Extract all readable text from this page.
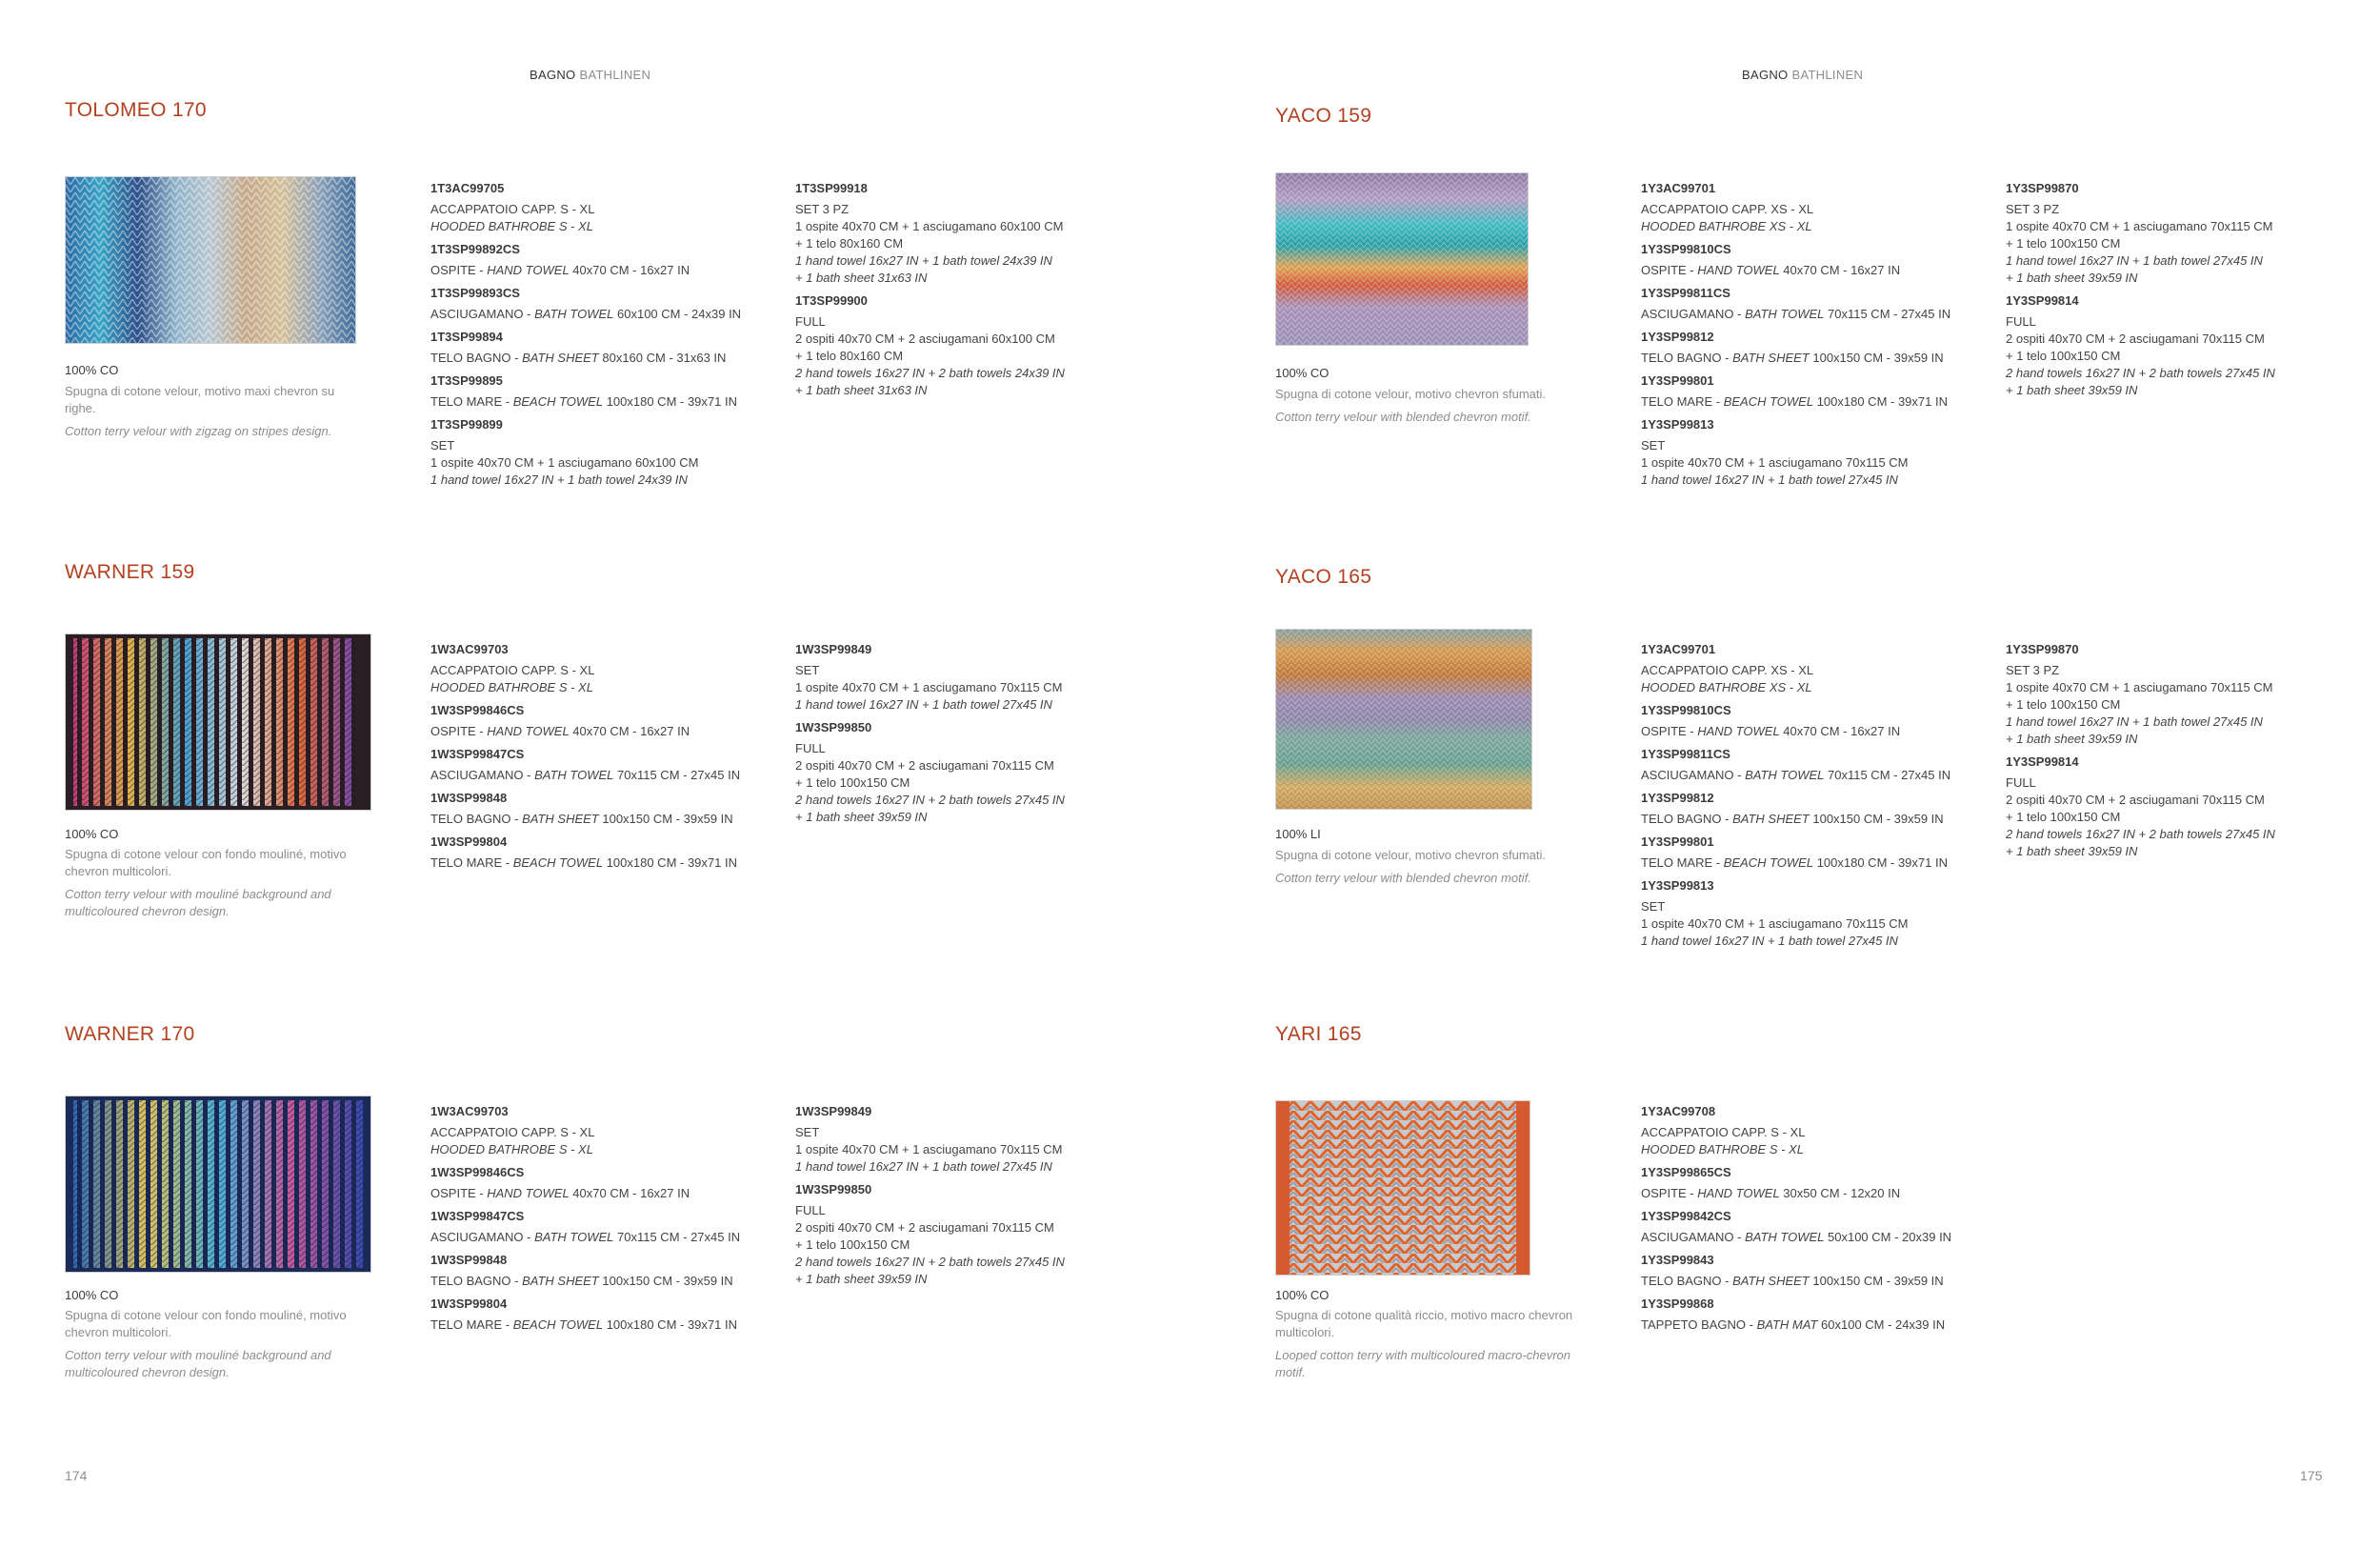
BAGNO BATHLINEN	BAGNO BATHLINEN
TOLOMEO 170
100% CO
Spugna di cotone velour, motivo maxi chevron su righe.
Cotton terry velour with zigzag on stripes design.
1T3AC99705
ACCAPPATOIO CAPP. S - XL
HOODED BATHROBE S - XL
1T3SP99892CS
OSPITE - HAND TOWEL 40x70 CM - 16x27 IN
1T3SP99893CS
ASCIUGAMANO - BATH TOWEL 60x100 CM - 24x39 IN
1T3SP99894
TELO BAGNO - BATH SHEET 80x160 CM - 31x63 IN
1T3SP99895
TELO MARE - BEACH TOWEL 100x180 CM - 39x71 IN
1T3SP99899
SET
1 ospite 40x70 CM + 1 asciugamano 60x100 CM
1 hand towel 16x27 IN + 1 bath towel 24x39 IN
1T3SP99918
SET 3 PZ
1 ospite 40x70 CM + 1 asciugamano 60x100 CM
+ 1 telo 80x160 CM
1 hand towel 16x27 IN + 1 bath towel 24x39 IN
+ 1 bath sheet 31x63 IN
1T3SP99900
FULL
2 ospiti 40x70 CM + 2 asciugamani 60x100 CM
+ 1 telo 80x160 CM
2 hand towels 16x27 IN + 2 bath towels 24x39 IN
+ 1 bath sheet 31x63 IN
WARNER 159
100% CO
Spugna di cotone velour con fondo mouliné, motivo chevron multicolori.
Cotton terry velour with mouliné background and multicoloured chevron design.
1W3AC99703
ACCAPPATOIO CAPP. S - XL
HOODED BATHROBE S - XL
1W3SP99846CS
OSPITE - HAND TOWEL 40x70 CM - 16x27 IN
1W3SP99847CS
ASCIUGAMANO - BATH TOWEL 70x115 CM - 27x45 IN
1W3SP99848
TELO BAGNO - BATH SHEET 100x150 CM - 39x59 IN
1W3SP99804
TELO MARE - BEACH TOWEL 100x180 CM - 39x71 IN
1W3SP99849
SET
1 ospite 40x70 CM + 1 asciugamano 70x115 CM
1 hand towel 16x27 IN + 1 bath towel 27x45 IN
1W3SP99850
FULL
2 ospiti 40x70 CM + 2 asciugamani 70x115 CM
+ 1 telo 100x150 CM
2 hand towels 16x27 IN + 2 bath towels 27x45 IN
+ 1 bath sheet 39x59 IN
WARNER 170
100% CO
Spugna di cotone velour con fondo mouliné, motivo chevron multicolori.
Cotton terry velour with mouliné background and multicoloured chevron design.
1W3AC99703
ACCAPPATOIO CAPP. S - XL
HOODED BATHROBE S - XL
1W3SP99846CS
OSPITE - HAND TOWEL 40x70 CM - 16x27 IN
1W3SP99847CS
ASCIUGAMANO - BATH TOWEL 70x115 CM - 27x45 IN
1W3SP99848
TELO BAGNO - BATH SHEET 100x150 CM - 39x59 IN
1W3SP99804
TELO MARE - BEACH TOWEL 100x180 CM - 39x71 IN
1W3SP99849
SET
1 ospite 40x70 CM + 1 asciugamano 70x115 CM
1 hand towel 16x27 IN + 1 bath towel 27x45 IN
1W3SP99850
FULL
2 ospiti 40x70 CM + 2 asciugamani 70x115 CM
+ 1 telo 100x150 CM
2 hand towels 16x27 IN + 2 bath towels 27x45 IN
+ 1 bath sheet 39x59 IN
YACO 159
100% CO
Spugna di cotone velour, motivo chevron sfumati.
Cotton terry velour with blended chevron motif.
1Y3AC99701
ACCAPPATOIO CAPP. XS - XL
HOODED BATHROBE XS - XL
1Y3SP99810CS
OSPITE - HAND TOWEL 40x70 CM - 16x27 IN
1Y3SP99811CS
ASCIUGAMANO - BATH TOWEL 70x115 CM - 27x45 IN
1Y3SP99812
TELO BAGNO - BATH SHEET 100x150 CM - 39x59 IN
1Y3SP99801
TELO MARE - BEACH TOWEL 100x180 CM - 39x71 IN
1Y3SP99813
SET
1 ospite 40x70 CM + 1 asciugamano 70x115 CM
1 hand towel 16x27 IN + 1 bath towel 27x45 IN
1Y3SP99870
SET 3 PZ
1 ospite 40x70 CM + 1 asciugamano 70x115 CM
+ 1 telo 100x150 CM
1 hand towel 16x27 IN + 1 bath towel 27x45 IN
+ 1 bath sheet 39x59 IN
1Y3SP99814
FULL
2 ospiti 40x70 CM + 2 asciugamani 70x115 CM
+ 1 telo 100x150 CM
2 hand towels 16x27 IN + 2 bath towels 27x45 IN
+ 1 bath sheet 39x59 IN
YACO 165
100% LI
Spugna di cotone velour, motivo chevron sfumati.
Cotton terry velour with blended chevron motif.
1Y3AC99701
ACCAPPATOIO CAPP. XS - XL
HOODED BATHROBE XS - XL
1Y3SP99810CS
OSPITE - HAND TOWEL 40x70 CM - 16x27 IN
1Y3SP99811CS
ASCIUGAMANO - BATH TOWEL 70x115 CM - 27x45 IN
1Y3SP99812
TELO BAGNO - BATH SHEET 100x150 CM - 39x59 IN
1Y3SP99801
TELO MARE - BEACH TOWEL 100x180 CM - 39x71 IN
1Y3SP99813
SET
1 ospite 40x70 CM + 1 asciugamano 70x115 CM
1 hand towel 16x27 IN + 1 bath towel 27x45 IN
1Y3SP99870
SET 3 PZ
1 ospite 40x70 CM + 1 asciugamano 70x115 CM
+ 1 telo 100x150 CM
1 hand towel 16x27 IN + 1 bath towel 27x45 IN
+ 1 bath sheet 39x59 IN
1Y3SP99814
FULL
2 ospiti 40x70 CM + 2 asciugamani 70x115 CM
+ 1 telo 100x150 CM
2 hand towels 16x27 IN + 2 bath towels 27x45 IN
+ 1 bath sheet 39x59 IN
YARI 165
100% CO
Spugna di cotone qualità riccio, motivo macro chevron multicolori.
Looped cotton terry with multicoloured macro-chevron motif.
1Y3AC99708
ACCAPPATOIO CAPP. S - XL
HOODED BATHROBE S - XL
1Y3SP99865CS
OSPITE - HAND TOWEL 30x50 CM - 12x20 IN
1Y3SP99842CS
ASCIUGAMANO - BATH TOWEL 50x100 CM - 20x39 IN
1Y3SP99843
TELO BAGNO - BATH SHEET 100x150 CM - 39x59 IN
1Y3SP99868
TAPPETO BAGNO - BATH MAT 60x100 CM - 24x39 IN
174	175
